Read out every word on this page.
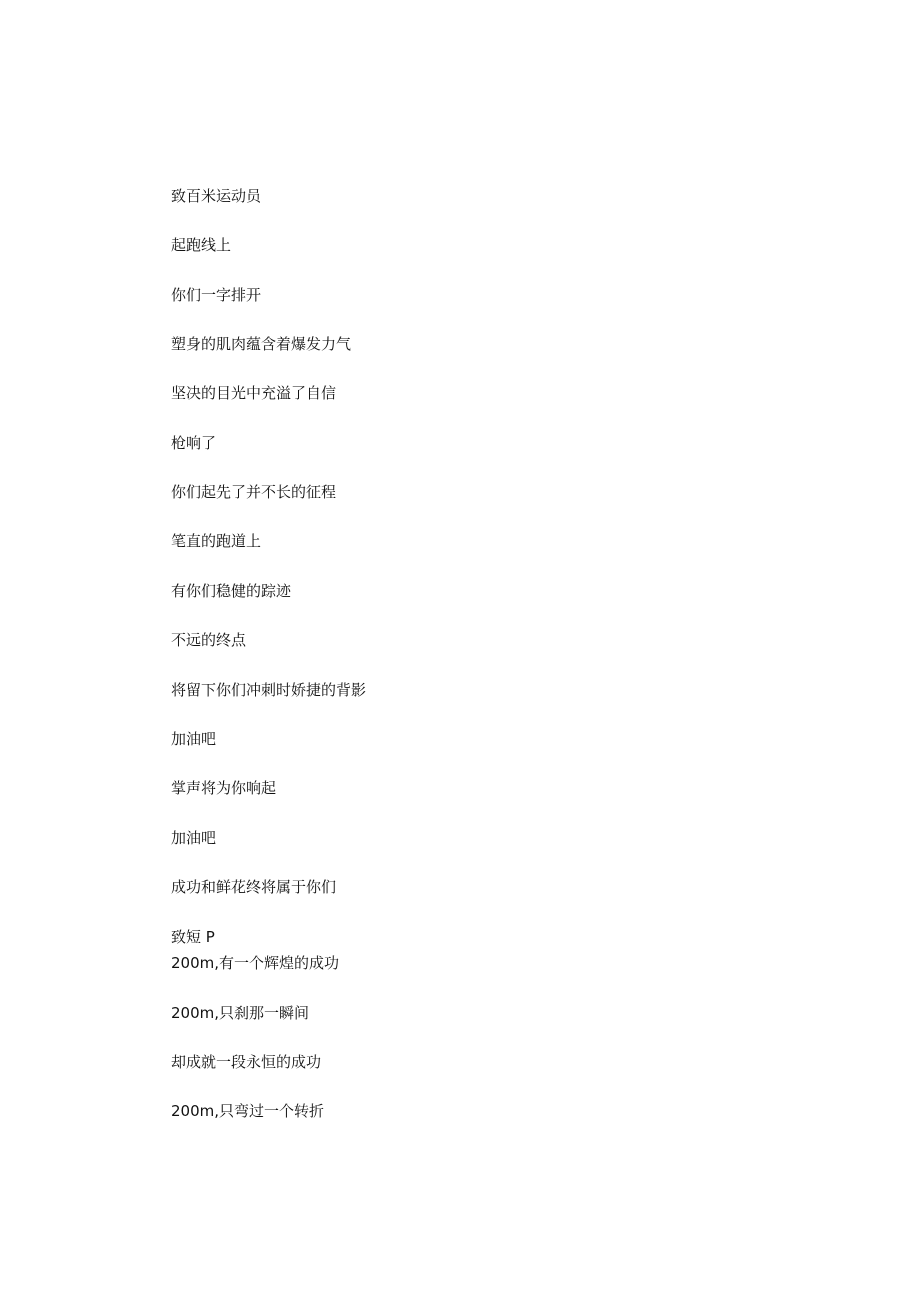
致百米运动员
起跑线上
你们一字排开
塑身的肌肉蕴含着爆发力气
坚决的目光中充溢了自信
枪响了
你们起先了并不长的征程
笔直的跑道上
有你们稳健的踪迹
不远的终点
将留下你们冲刺时娇捷的背影
加油吧
掌声将为你响起
加油吧
成功和鲜花终将属于你们
致短 P
200m,有一个辉煌的成功
200m,只刹那一瞬间
却成就一段永恒的成功
200m,只弯过一个转折
